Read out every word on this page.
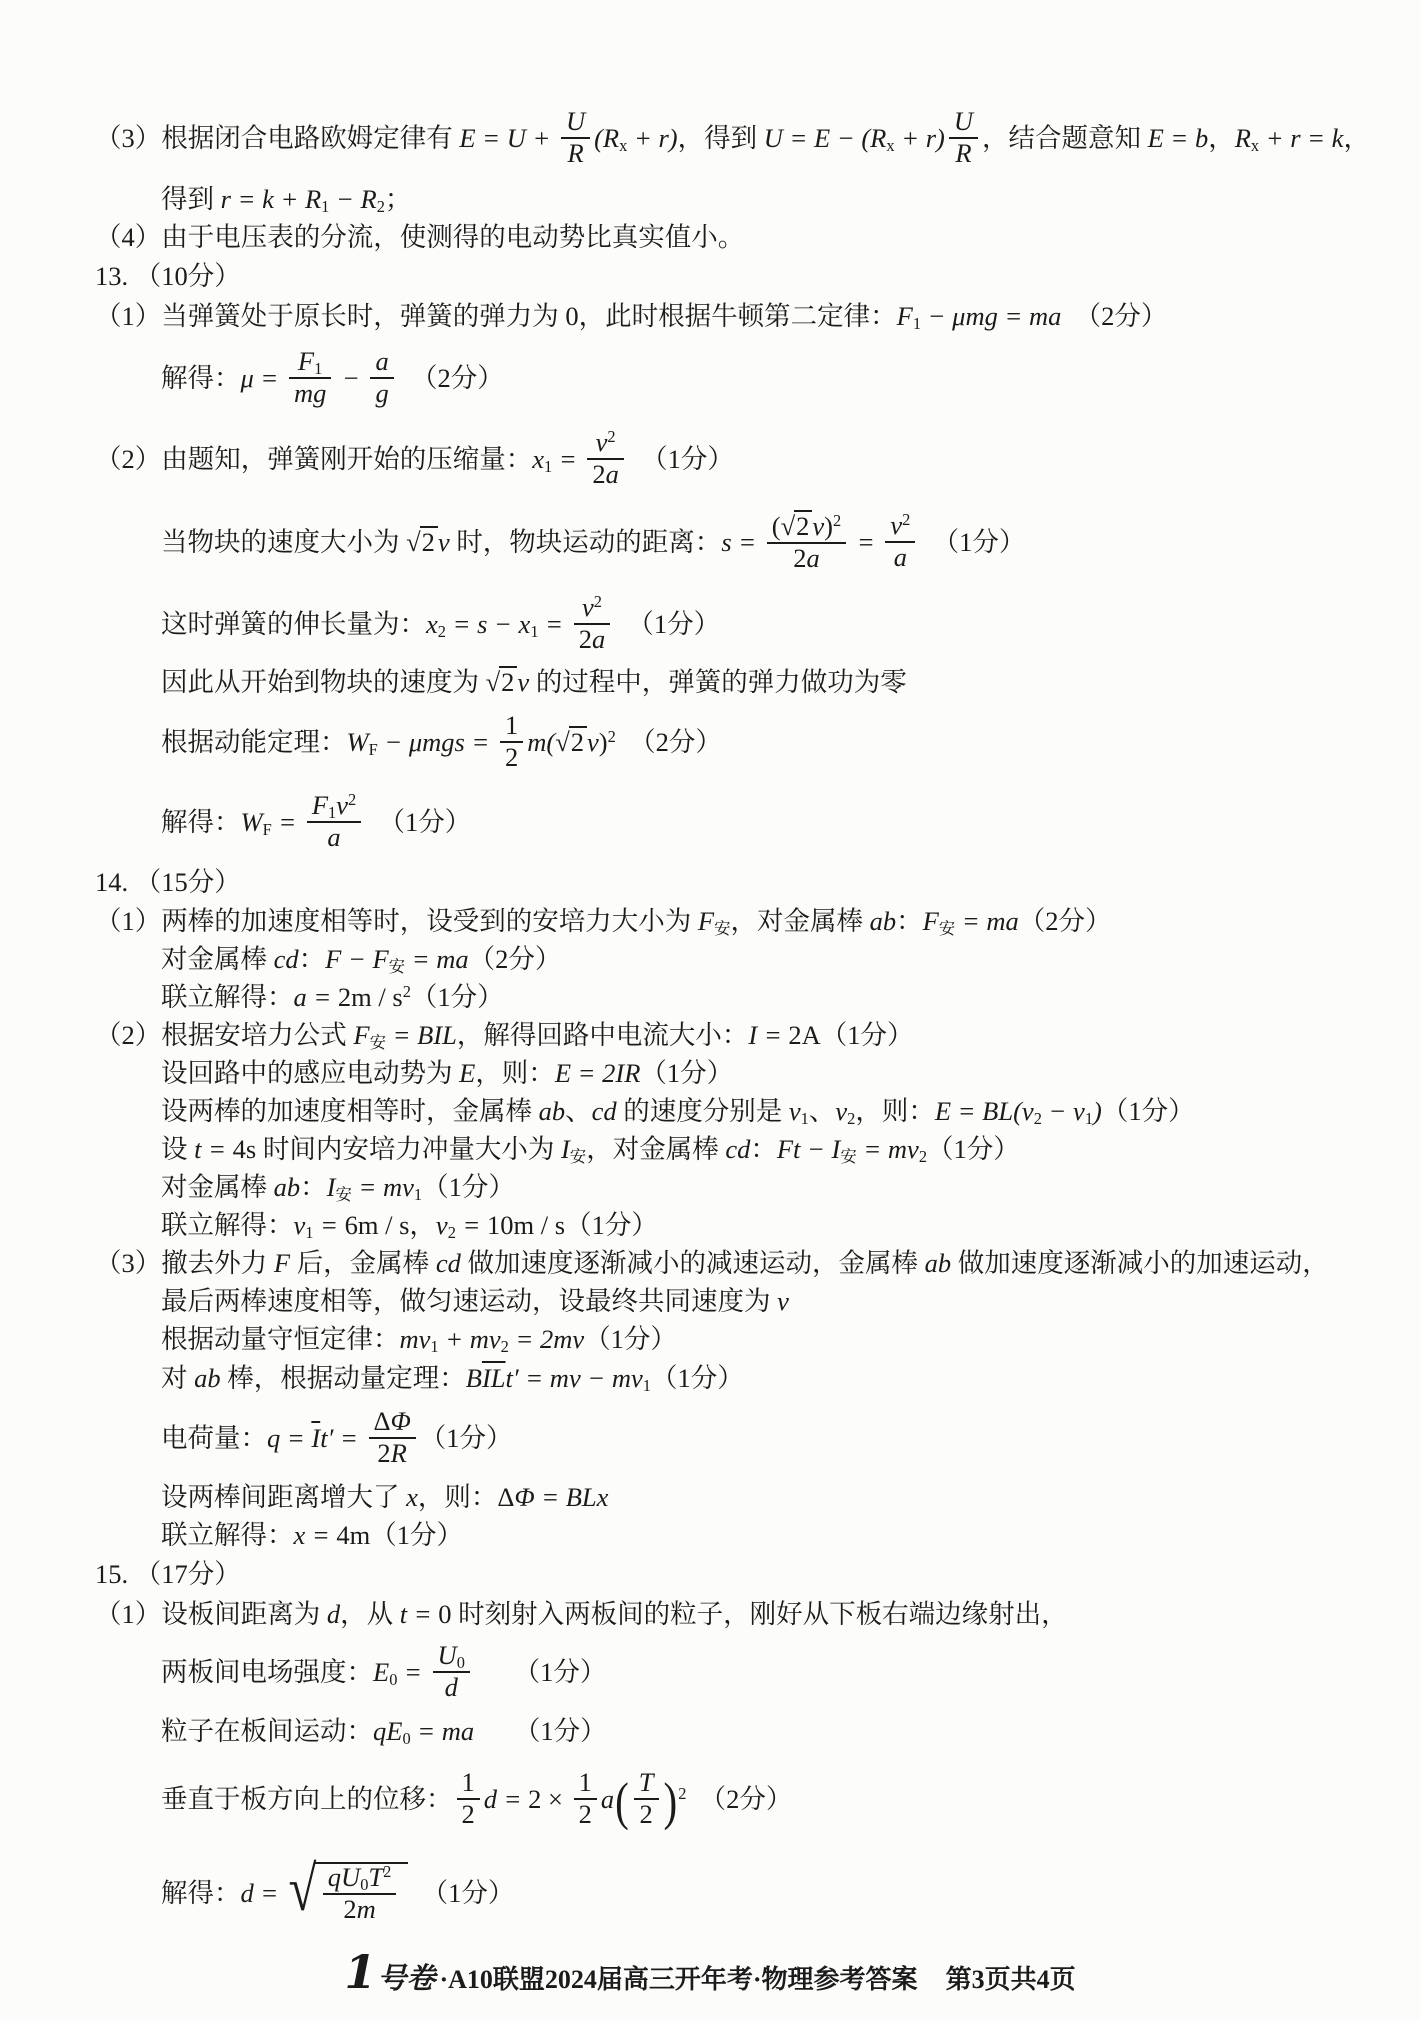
（3）根据闭合电路欧姆定律有 $E = U + \frac{U}{R} (R_x + r)$，得到 $U = E - (R_x + r) \frac{U}{R}$ ，结合题意知 E = b，$R_x + r = k$，
得到 $r = k + R_1 - R_2$；
（4）由于电压表的分流，使测得的电动势比真实值小。
13. （10分）
（1）当弹簧处于原长时，弹簧的弹力为 0，此时根据牛顿第二定律：$F_1 - \mu mg$ = ma　（2分）
解得：$\mu = \frac{F_1}{mg} - \frac{a}{g}$ 　（2分）
（2）由题知，弹簧刚开始的压缩量：$x_1 = \frac{v^2}{2a}$ 　（1分）
当物块的速度大小为 √2 v 时，物块运动的距离：$s = \frac{(√2 v)^2}{2a} = \frac{v^2}{a}$ 　（1分）
这时弹簧的伸长量为：$x_2 = s - x_1 = \frac{v^2}{2a}$ 　（1分）
因此从开始到物块的速度为 √2 v 的过程中，弹簧的弹力做功为零
根据动能定理：$W_F - \mu mgs = \frac{1}{2} m(√2$ v)$^2$　（2分）
解得：$W_F = \frac{F_1v^2}{a}$ 　（1分）
14. （15分）
（1）两棒的加速度相等时，设受到的安培力大小为 $F_安$，对金属棒 ab：$F_安 = ma(2$分）
对金属棒 cd：$F - F_安 = ma(2$分）
联立解得：$a = 2m / s^2(1$分）
（2）根据安培力公式 $F_安$ = BIL，解得回路中电流大小：I = 2A（1分）
设回路中的感应电动势为 E，则：E = 2IR（1分）
设两棒的加速度相等时，金属棒 ab、cd 的速度分别是 $v_1$、$v_2$，则：$E = BL(v_2 - v_1)(1$分）
设 t = 4s 时间内安培力冲量大小为 $I_安$，对金属棒 cd：$Ft - I_安 = mv_2(1$分）
对金属棒 ab：$I_安 = mv_1(1$分）
联立解得：$v_1 = 6m / s$，$v_2 = 10m / s(1$分）
（3）撤去外力 F 后，金属棒 cd 做加速度逐渐减小的减速运动，金属棒 ab 做加速度逐渐减小的加速运动，
最后两棒速度相等，做匀速运动，设最终共同速度为 v
根据动量守恒定律：$mv_1 + mv_2 = 2mv(1$分）
对 ab 棒，根据动量定理：$B\overline{IL}t'$ = mv − $mv_1(1$分）
电荷量：$q = \overline{I}t' = \frac{\Delta\Phi}{2R} (1$分）
设两棒间距离增大了 x，则：ΔΦ = BLx
联立解得：x = 4m（1分）
15. （17分）
（1）设板间距离为 d，从 t = 0 时刻射入两板间的粒子，刚好从下板右端边缘射出，
两板间电场强度：$E_0 = \frac{U_0}{d}$ 　　（1分）
粒子在板间运动：$qE_0$ = ma　　（1分）
垂直于板方向上的位移： $\frac{1}{2}$ $d = 2 \times \frac{1}{2} a( \frac{T}{2} )^2$　（2分）
解得：d = √ $\frac{qU_0T^2}{2m}$ 　（1分）
1 号卷 ·A10联盟2024届高三开年考·物理参考答案 第3页共4页
